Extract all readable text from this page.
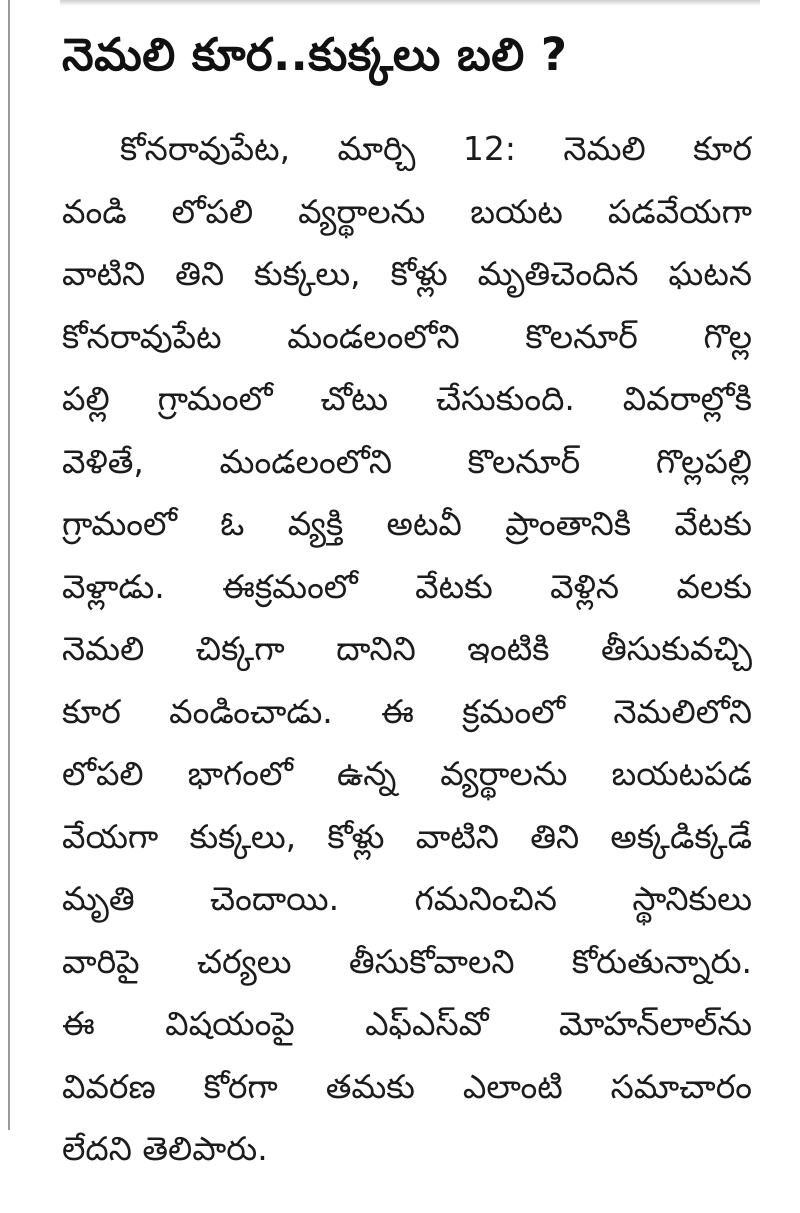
నెమలి కూర..కుక్కలు బలి ?
కోనరావుపేట, మార్చి 12: నెమలి కూర
వండి లోపలి వ్యర్థాలను బయట పడవేయగా
వాటిని తిని కుక్కలు, కోళ్లు మృతిచెందిన ఘటన
కోనరావుపేట మండలంలోని కొలనూర్ గొల్ల
పల్లి గ్రామంలో చోటు చేసుకుంది. వివరాల్లోకి
వెళితే, మండలంలోని కొలనూర్ గొల్లపల్లి
గ్రామంలో ఓ వ్యక్తి అటవీ ప్రాంతానికి వేటకు
వెళ్లాడు. ఈక్రమంలో వేటకు వెళ్లిన వలకు
నెమలి చిక్కగా దానిని ఇంటికి తీసుకువచ్చి
కూర వండించాడు. ఈ క్రమంలో నెమలిలోని
లోపలి భాగంలో ఉన్న వ్యర్థాలను బయటపడ
వేయగా కుక్కలు, కోళ్లు వాటిని తిని అక్కడిక్కడే
మృతి చెందాయి. గమనించిన స్థానికులు
వారిపై చర్యలు తీసుకోవాలని కోరుతున్నారు.
ఈ విషయంపై ఎఫ్ఎస్‌వో మోహన్‌లాల్‌ను
వివరణ కోరగా తమకు ఎలాంటి సమాచారం
లేదని తెలిపారు.
